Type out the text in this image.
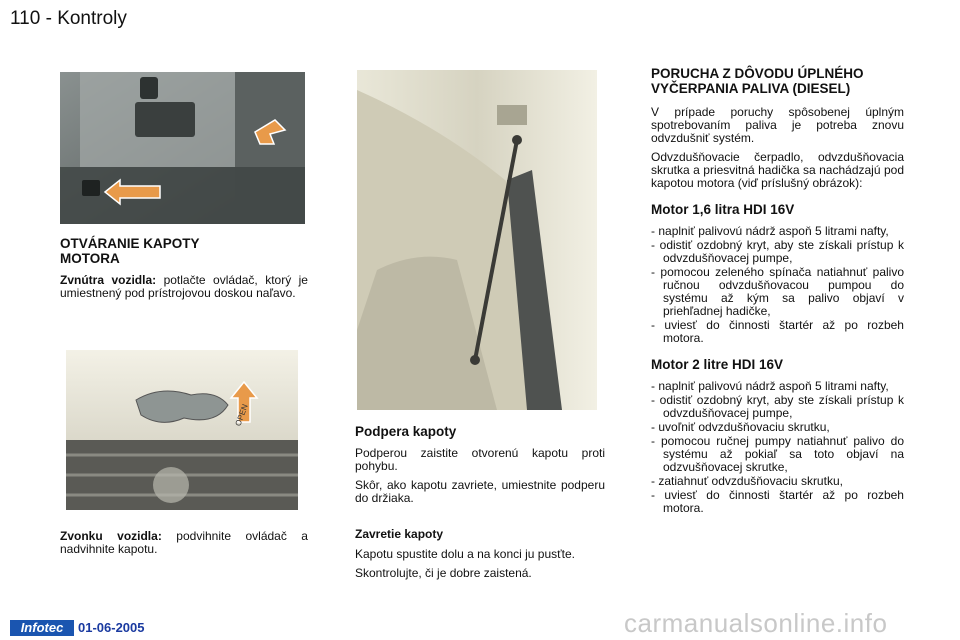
110 - Kontroly
OTVÁRANIE KAPOTY MOTORA

Zvnútra vozidla: potlačte ovládač, ktorý je umiestnený pod prístrojovou doskou naľavo.

OPEN

Zvonku vozidla: podvihnite ovládač a nadvihnite kapotu.

Podpera kapoty

Podperou zaistite otvorenú kapotu proti pohybu.

Skôr, ako kapotu zavriete, umiestnite podperu do držiaka.

Zavretie kapoty

Kapotu spustite dolu a na konci ju pusťte.

Skontrolujte, či je dobre zaistená.

PORUCHA Z DÔVODU ÚPLNÉHO VYČERPANIA PALIVA (DIESEL)

V prípade poruchy spôsobenej úplným spotrebovaním paliva je potreba znovu odvzdušniť systém.

Odvzdušňovacie čerpadlo, odvzdušňovacia skrutka a priesvitná hadička sa nachádzajú pod kapotou motora (viď príslušný obrázok):

Motor 1,6 litra HDI 16V
- naplniť palivovú nádrž aspoň 5 litrami nafty,
- odistiť ozdobný kryt, aby ste získali prístup k odvzdušňovacej pumpe,
- pomocou zeleného spínača natiahnuť palivo ručnou odvzdušňovacou pumpou do systému až kým sa palivo objaví v priehľadnej hadičke,
- uviesť do činnosti štartér až po rozbeh motora.
Motor 2 litre HDI 16V
- naplniť palivovú nádrž aspoň 5 litrami nafty,
- odistiť ozdobný kryt, aby ste získali prístup k odvzdušňovacej pumpe,
- uvoľniť odvzdušňovaciu skrutku,
- pomocou ručnej pumpy natiahnuť palivo do systému až pokiaľ sa toto objaví na odzvušňovacej skrutke,
- zatiahnuť odvzdušňovaciu skrutku,
- uviesť do činnosti štartér až po rozbeh motora.
Infotec	01-06-2005	carmanualsonline.info
